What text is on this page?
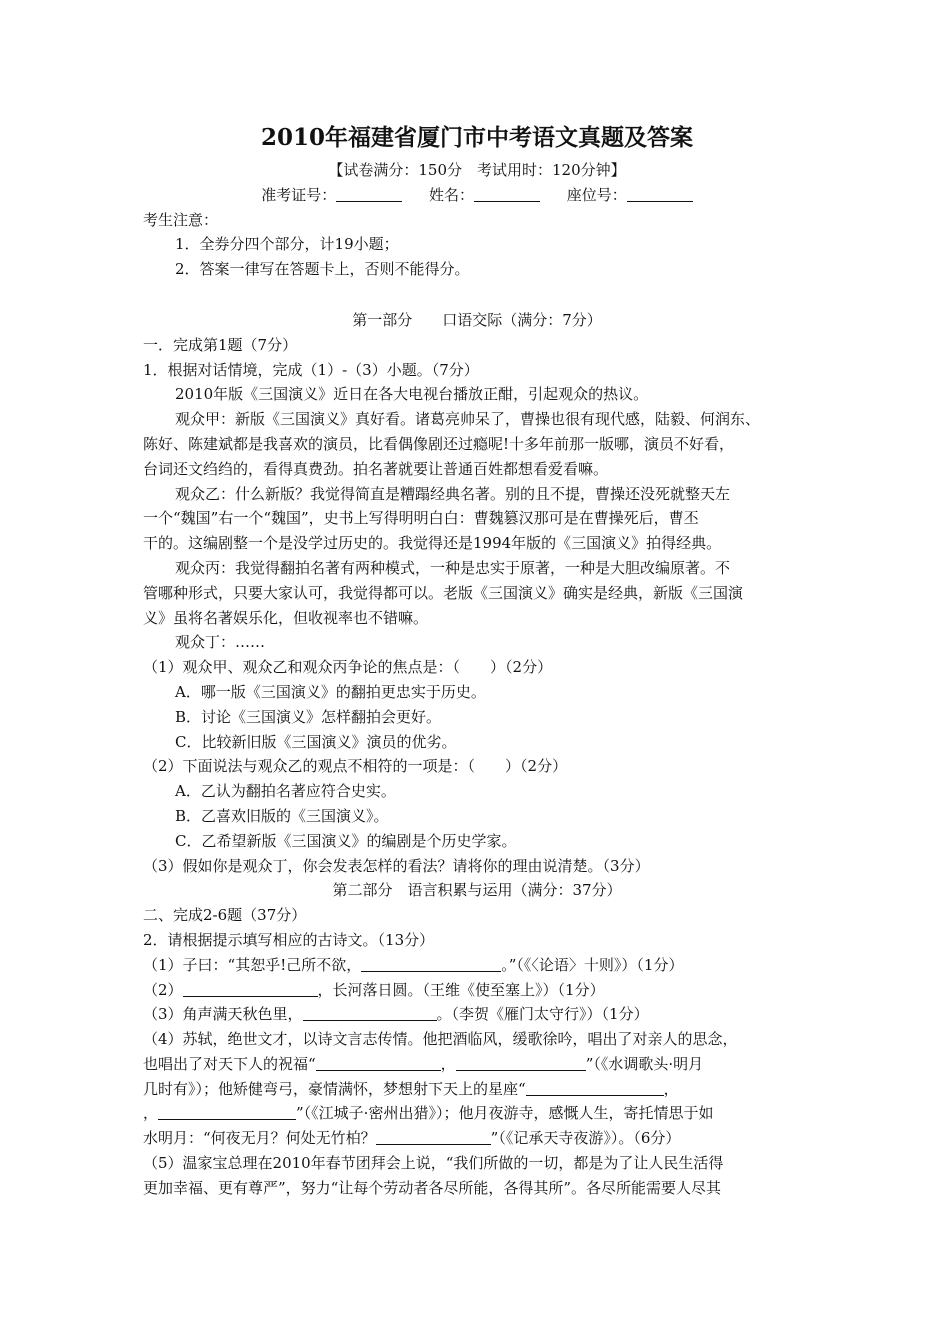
2010年福建省厦门市中考语文真题及答案
【试卷满分：150分　考试用时：120分钟】
准考证号：	姓名：	座位号：
考生注意：
1．全券分四个部分，计19小题；
2．答案一律写在答题卡上，否则不能得分。
第一部分　　口语交际（满分：7分）
一．完成第1题（7分）
1．根据对话情境，完成（1）-（3）小题。（7分）
2010年版《三国演义》近日在各大电视台播放正酣，引起观众的热议。
观众甲：新版《三国演义》真好看。诸葛亮帅呆了，曹操也很有现代感，陆毅、何润东、
陈好、陈建斌都是我喜欢的演员，比看偶像剧还过瘾呢!十多年前那一版哪，演员不好看，
台词还文绉绉的，看得真费劲。拍名著就要让普通百姓都想看爱看嘛。
观众乙：什么新版？我觉得简直是糟蹋经典名著。别的且不提，曹操还没死就整天左
一个“魏国”右一个“魏国”，史书上写得明明白白：曹魏篡汉那可是在曹操死后，曹丕
干的。这编剧整一个是没学过历史的。我觉得还是1994年版的《三国演义》拍得经典。
观众丙：我觉得翻拍名著有两种模式，一种是忠实于原著，一种是大胆改编原著。不
管哪种形式，只要大家认可，我觉得都可以。老版《三国演义》确实是经典，新版《三国演
义》虽将名著娱乐化，但收视率也不错嘛。
观众丁：……
（1）观众甲、观众乙和观众丙争论的焦点是：（　　）（2分）
A．哪一版《三国演义》的翻拍更忠实于历史。
B．讨论《三国演义》怎样翻拍会更好。
C．比较新旧版《三国演义》演员的优劣。
（2）下面说法与观众乙的观点不相符的一项是：（　　）（2分）
A．乙认为翻拍名著应符合史实。
B．乙喜欢旧版的《三国演义》。
C．乙希望新版《三国演义》的编剧是个历史学家。
（3）假如你是观众丁，你会发表怎样的看法？请将你的理由说清楚。（3分）
第二部分　语言积累与运用（满分：37分）
二、完成2-6题（37分）
2．请根据提示填写相应的古诗文。（13分）
（1）子曰：“其恕乎!己所不欲，	。”（《〈论语〉十则》）（1分）
（2）	，长河落日圆。（王维《使至塞上》）（1分）
（3）角声满天秋色里，	。（李贺《雁门太守行》）（1分）
（4）苏轼，绝世文才，以诗文言志传情。他把酒临风，缓歌徐吟，唱出了对亲人的思念，
也唱出了对天下人的祝福“	，	”（《水调歌头·明月
几时有》）；他矫健弯弓，豪情满怀，梦想射下天上的星座“	，
，	”（《江城子·密州出猎》）；他月夜游寺，感慨人生，寄托情思于如
水明月：“何夜无月？何处无竹柏？	”（《记承天寺夜游》）。（6分）
（5）温家宝总理在2010年春节团拜会上说，“我们所做的一切，都是为了让人民生活得
更加幸福、更有尊严”，努力“让每个劳动者各尽所能，各得其所”。各尽所能需要人尽其
